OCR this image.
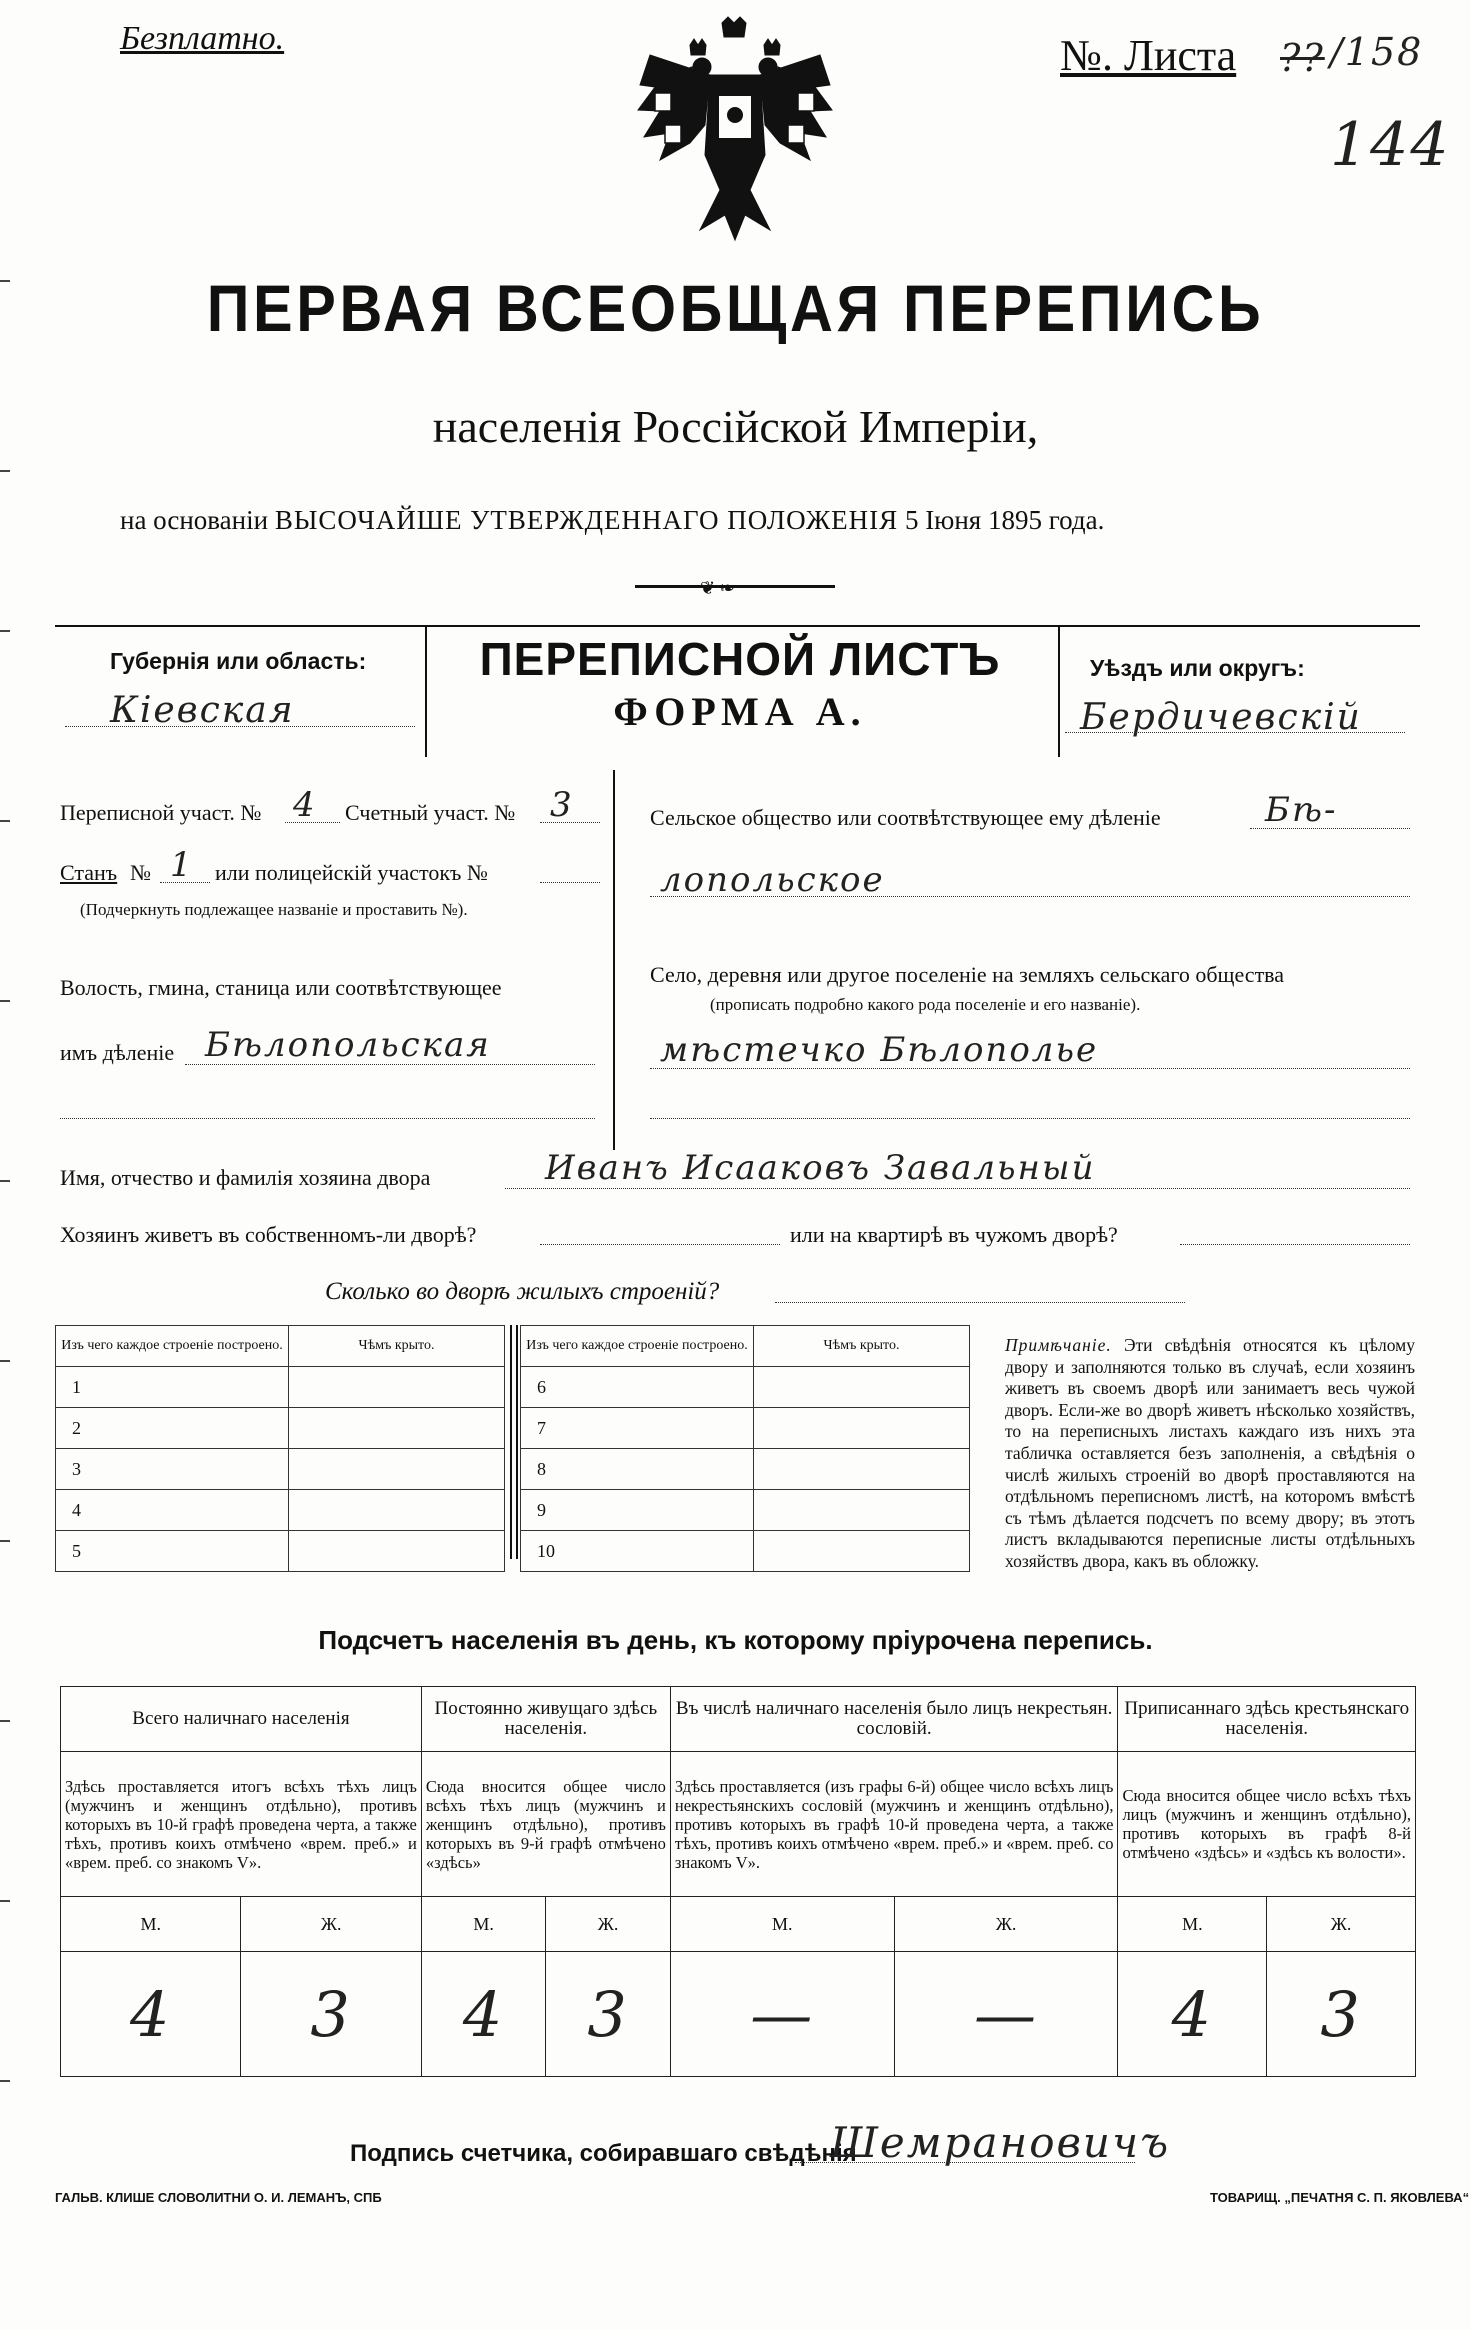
Безплатно.	№. Листа ?? /158
144
ПЕРВАЯ ВСЕОБЩАЯ ПЕРЕПИСЬ
населенія Россійской Имперіи,
на основаніи ВЫСОЧАЙШЕ УТВЕРЖДЕННАГО ПОЛОЖЕНІЯ 5 Іюня 1895 года.
❦ ❧
Губернія или область:
Кіевская
ПЕРЕПИСНОЙ ЛИСТЪ
ФОРМА А.
Уѣздъ или округъ:
Бердичевскій
Переписной участ. № 4 Счетный участ. № 3
Станъ № 1 или полицейскій участокъ №
(Подчеркнуть подлежащее названіе и проставить №).
Волость, гмина, станица или соотвѣтствующее
имъ дѣленіе Бѣлопольская
Сельское общество или соотвѣтствующее ему дѣленіе	Бѣ-
лопольское
Село, деревня или другое поселеніе на земляхъ сельскаго общества
(прописать подробно какого рода поселеніе и его названіе).
мѣстечко Бѣлополье
Имя, отчество и фамилія хозяина двора	Иванъ Исааковъ Завальный
Хозяинъ живетъ въ собственномъ-ли дворѣ?	или на квартирѣ въ чужомъ дворѣ?
Сколько во дворѣ жилыхъ строеній?
Изъ чего каждое строеніе построено.	Чѣмъ крыто.
1	
2	
3	
4	
5	
Изъ чего каждое строеніе построено.	Чѣмъ крыто.
6	
7	
8	
9	
10	
Примѣчаніе. Эти свѣдѣнія относятся къ цѣлому двору и заполняются только въ случаѣ, если хозяинъ живетъ въ своемъ дворѣ или занимаетъ весь чужой дворъ. Если-же во дворѣ живетъ нѣсколько хозяйствъ, то на переписныхъ листахъ каждаго изъ нихъ эта табличка оставляется безъ заполненія, а свѣдѣнія о числѣ жилыхъ строеній во дворѣ проставляются на отдѣльномъ переписномъ листѣ, на которомъ вмѣстѣ съ тѣмъ дѣлается подсчетъ по всему двору; въ этотъ листъ вкладываются переписные листы отдѣльныхъ хозяйствъ двора, какъ въ обложку.
Подсчетъ населенія въ день, къ которому пріурочена перепись.
Всего наличнаго населенія		Постоянно живущаго здѣсь населенія.		Въ числѣ наличнаго населенія было лицъ некрестьян. сословій.		Приписаннаго здѣсь крестьянскаго населенія.	
Здѣсь проставляется итогъ всѣхъ тѣхъ лицъ (мужчинъ и женщинъ отдѣльно), противъ которыхъ въ 10-й графѣ проведена черта, а также тѣхъ, противъ коихъ отмѣчено «врем. преб.» и «врем. преб. со знакомъ V».		Сюда вносится общее число всѣхъ тѣхъ лицъ (мужчинъ и женщинъ отдѣльно), противъ которыхъ въ 9-й графѣ отмѣчено «здѣсь»		Здѣсь проставляется (изъ графы 6-й) общее число всѣхъ лицъ некрестьянскихъ сословій (мужчинъ и женщинъ отдѣльно), противъ которыхъ въ графѣ 10-й проведена черта, а также тѣхъ, противъ коихъ отмѣчено «врем. преб.» и «врем. преб. со знакомъ V».		Сюда вносится общее число всѣхъ тѣхъ лицъ (мужчинъ и женщинъ отдѣльно), противъ которыхъ въ графѣ 8-й отмѣчено «здѣсь» и «здѣсь къ волости».	
М.	Ж.	М.	Ж.	М.	Ж.	М.	Ж.
4	3	4	3	—	—	4	3
Подпись счетчика, собиравшаго свѣдѣнія
Шемрановичъ
ГАЛЬВ. КЛИШЕ СЛОВОЛИТНИ О. И. ЛЕМАНЪ, СПБ	ТОВАРИЩ. „ПЕЧАТНЯ С. П. ЯКОВЛЕВА“
